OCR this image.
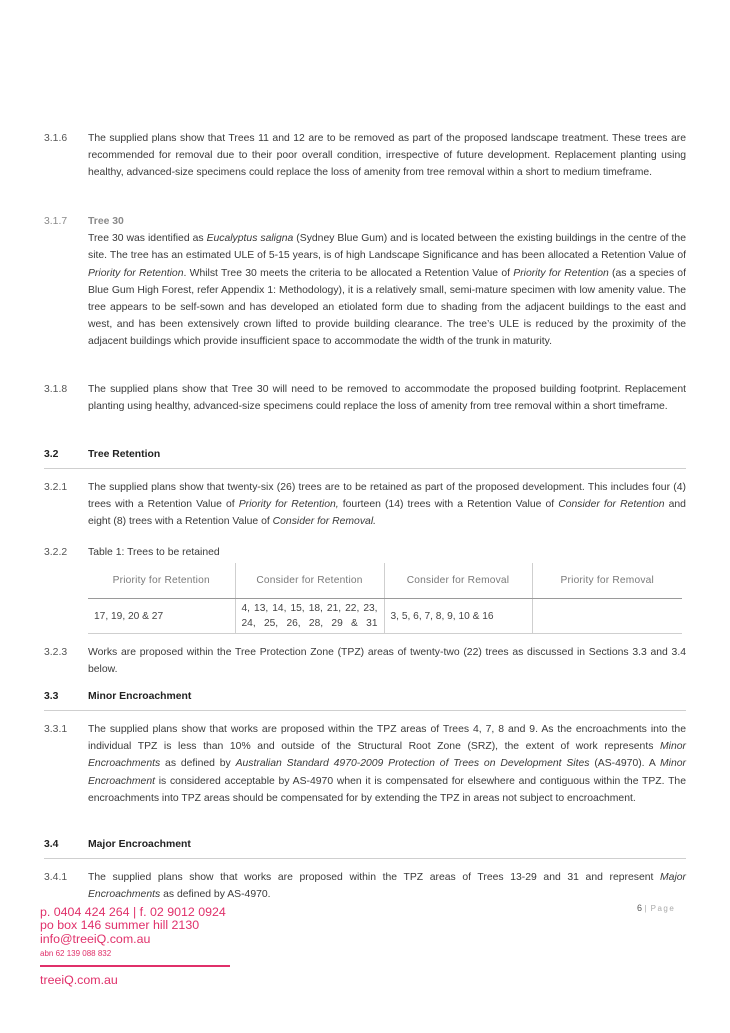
3.1.6	The supplied plans show that Trees 11 and 12 are to be removed as part of the proposed landscape treatment. These trees are recommended for removal due to their poor overall condition, irrespective of future development. Replacement planting using healthy, advanced-size specimens could replace the loss of amenity from tree removal within a short to medium timeframe.
3.1.7	Tree 30

Tree 30 was identified as Eucalyptus saligna (Sydney Blue Gum) and is located between the existing buildings in the centre of the site. The tree has an estimated ULE of 5-15 years, is of high Landscape Significance and has been allocated a Retention Value of Priority for Retention. Whilst Tree 30 meets the criteria to be allocated a Retention Value of Priority for Retention (as a species of Blue Gum High Forest, refer Appendix 1: Methodology), it is a relatively small, semi-mature specimen with low amenity value. The tree appears to be self-sown and has developed an etiolated form due to shading from the adjacent buildings to the east and west, and has been extensively crown lifted to provide building clearance. The tree’s ULE is reduced by the proximity of the adjacent buildings which provide insufficient space to accommodate the width of the trunk in maturity.

3.1.8	The supplied plans show that Tree 30 will need to be removed to accommodate the proposed building footprint. Replacement planting using healthy, advanced-size specimens could replace the loss of amenity from tree removal within a short timeframe.
3.2	Tree Retention
3.2.1	The supplied plans show that twenty-six (26) trees are to be retained as part of the proposed development. This includes four (4) trees with a Retention Value of Priority for Retention, fourteen (14) trees with a Retention Value of Consider for Retention and eight (8) trees with a Retention Value of Consider for Removal.

3.2.2	Table 1: Trees to be retained
Priority for Retention	Consider for Retention	Consider for Removal	Priority for Removal
17, 19, 20 & 27	4, 13, 14, 15, 18, 21, 22, 23, 24, 25, 26, 28, 29 & 31	3, 5, 6, 7, 8, 9, 10 & 16	
3.2.3	Works are proposed within the Tree Protection Zone (TPZ) areas of twenty-two (22) trees as discussed in Sections 3.3 and 3.4 below.
3.3	Minor Encroachment
3.3.1	The supplied plans show that works are proposed within the TPZ areas of Trees 4, 7, 8 and 9. As the encroachments into the individual TPZ is less than 10% and outside of the Structural Root Zone (SRZ), the extent of work represents Minor Encroachments as defined by Australian Standard 4970-2009 Protection of Trees on Development Sites (AS-4970). A Minor Encroachment is considered acceptable by AS-4970 when it is compensated for elsewhere and contiguous within the TPZ. The encroachments into TPZ areas should be compensated for by extending the TPZ in areas not subject to encroachment.

3.4	Major Encroachment
3.4.1	The supplied plans show that works are proposed within the TPZ areas of Trees 13-29 and 31 and represent Major Encroachments as defined by AS-4970.

6 | Page
p. 0404 424 264 | f. 02 9012 0924
po box 146 summer hill 2130
info@treeiQ.com.au
abn 62 139 088 832
treeiQ.com.au
